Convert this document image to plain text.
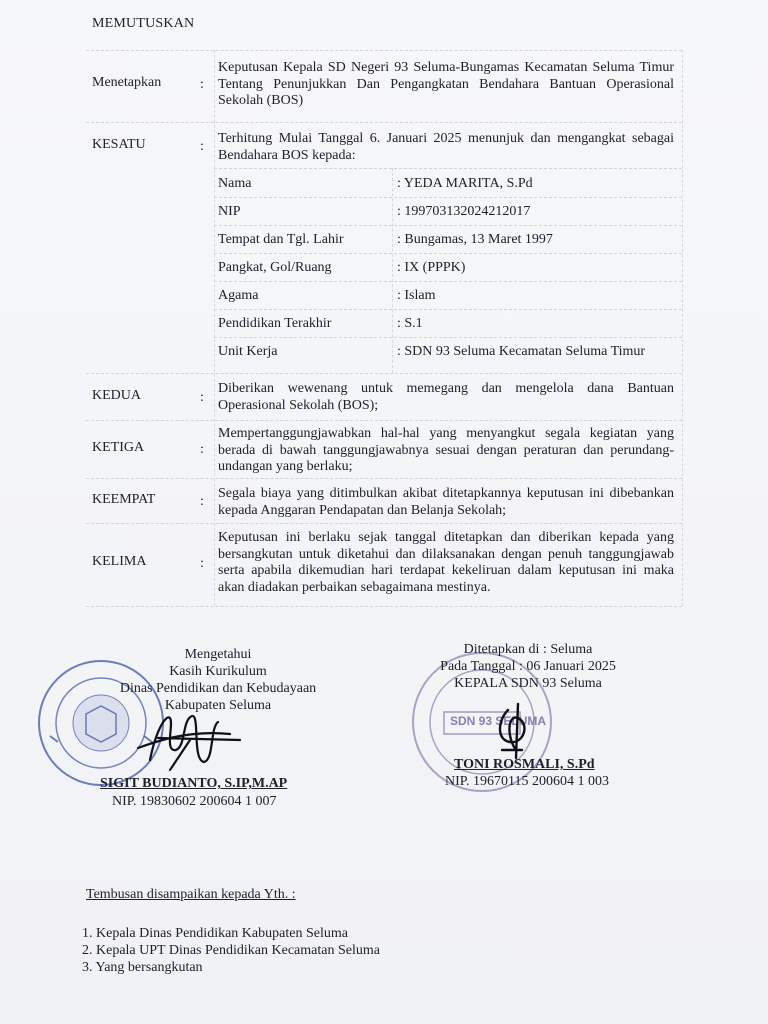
MEMUTUSKAN
Menetapkan	:
Keputusan Kepala SD Negeri 93 Seluma-Bungamas Kecamatan Seluma Timur Tentang Penunjukkan Dan Pengangkatan Bendahara Bantuan Operasional Sekolah (BOS)
KESATU	:
Terhitung Mulai Tanggal 6. Januari 2025 menunjuk dan mengangkat sebagai Bendahara BOS kepada:
Nama	: YEDA MARITA, S.Pd
NIP	: 199703132024212017
Tempat dan Tgl. Lahir	: Bungamas, 13 Maret 1997
Pangkat, Gol/Ruang	: IX (PPPK)
Agama	: Islam
Pendidikan Terakhir	: S.1
Unit Kerja	: SDN 93 Seluma Kecamatan Seluma Timur
KEDUA	:
Diberikan wewenang untuk memegang dan mengelola dana Bantuan Operasional Sekolah (BOS);
KETIGA	:
Mempertanggungjawabkan hal-hal yang menyangkut segala kegiatan yang berada di bawah tanggungjawabnya sesuai dengan peraturan dan perundang-undangan yang berlaku;
KEEMPAT	:
Segala biaya yang ditimbulkan akibat ditetapkannya keputusan ini dibebankan kepada Anggaran Pendapatan dan Belanja Sekolah;
KELIMA	:
Keputusan ini berlaku sejak tanggal ditetapkan dan diberikan kepada yang bersangkutan untuk diketahui dan dilaksanakan dengan penuh tanggungjawab serta apabila dikemudian hari terdapat kekeliruan dalam keputusan ini maka akan diadakan perbaikan sebagaimana mestinya.
Mengetahui
Kasih Kurikulum
Dinas Pendidikan dan Kebudayaan
Kabupaten Seluma
SIGIT BUDIANTO, S.IP,M.AP
NIP. 19830602 200604 1 007
SDN 93 SELUMA
Ditetapkan di : Seluma
Pada Tanggal : 06 Januari 2025
KEPALA SDN 93 Seluma
TONI ROSMALI, S.Pd
NIP. 19670115 200604 1 003
Tembusan disampaikan kepada Yth. :
1. Kepala Dinas Pendidikan Kabupaten Seluma
2. Kepala UPT Dinas Pendidikan Kecamatan Seluma
3. Yang bersangkutan
